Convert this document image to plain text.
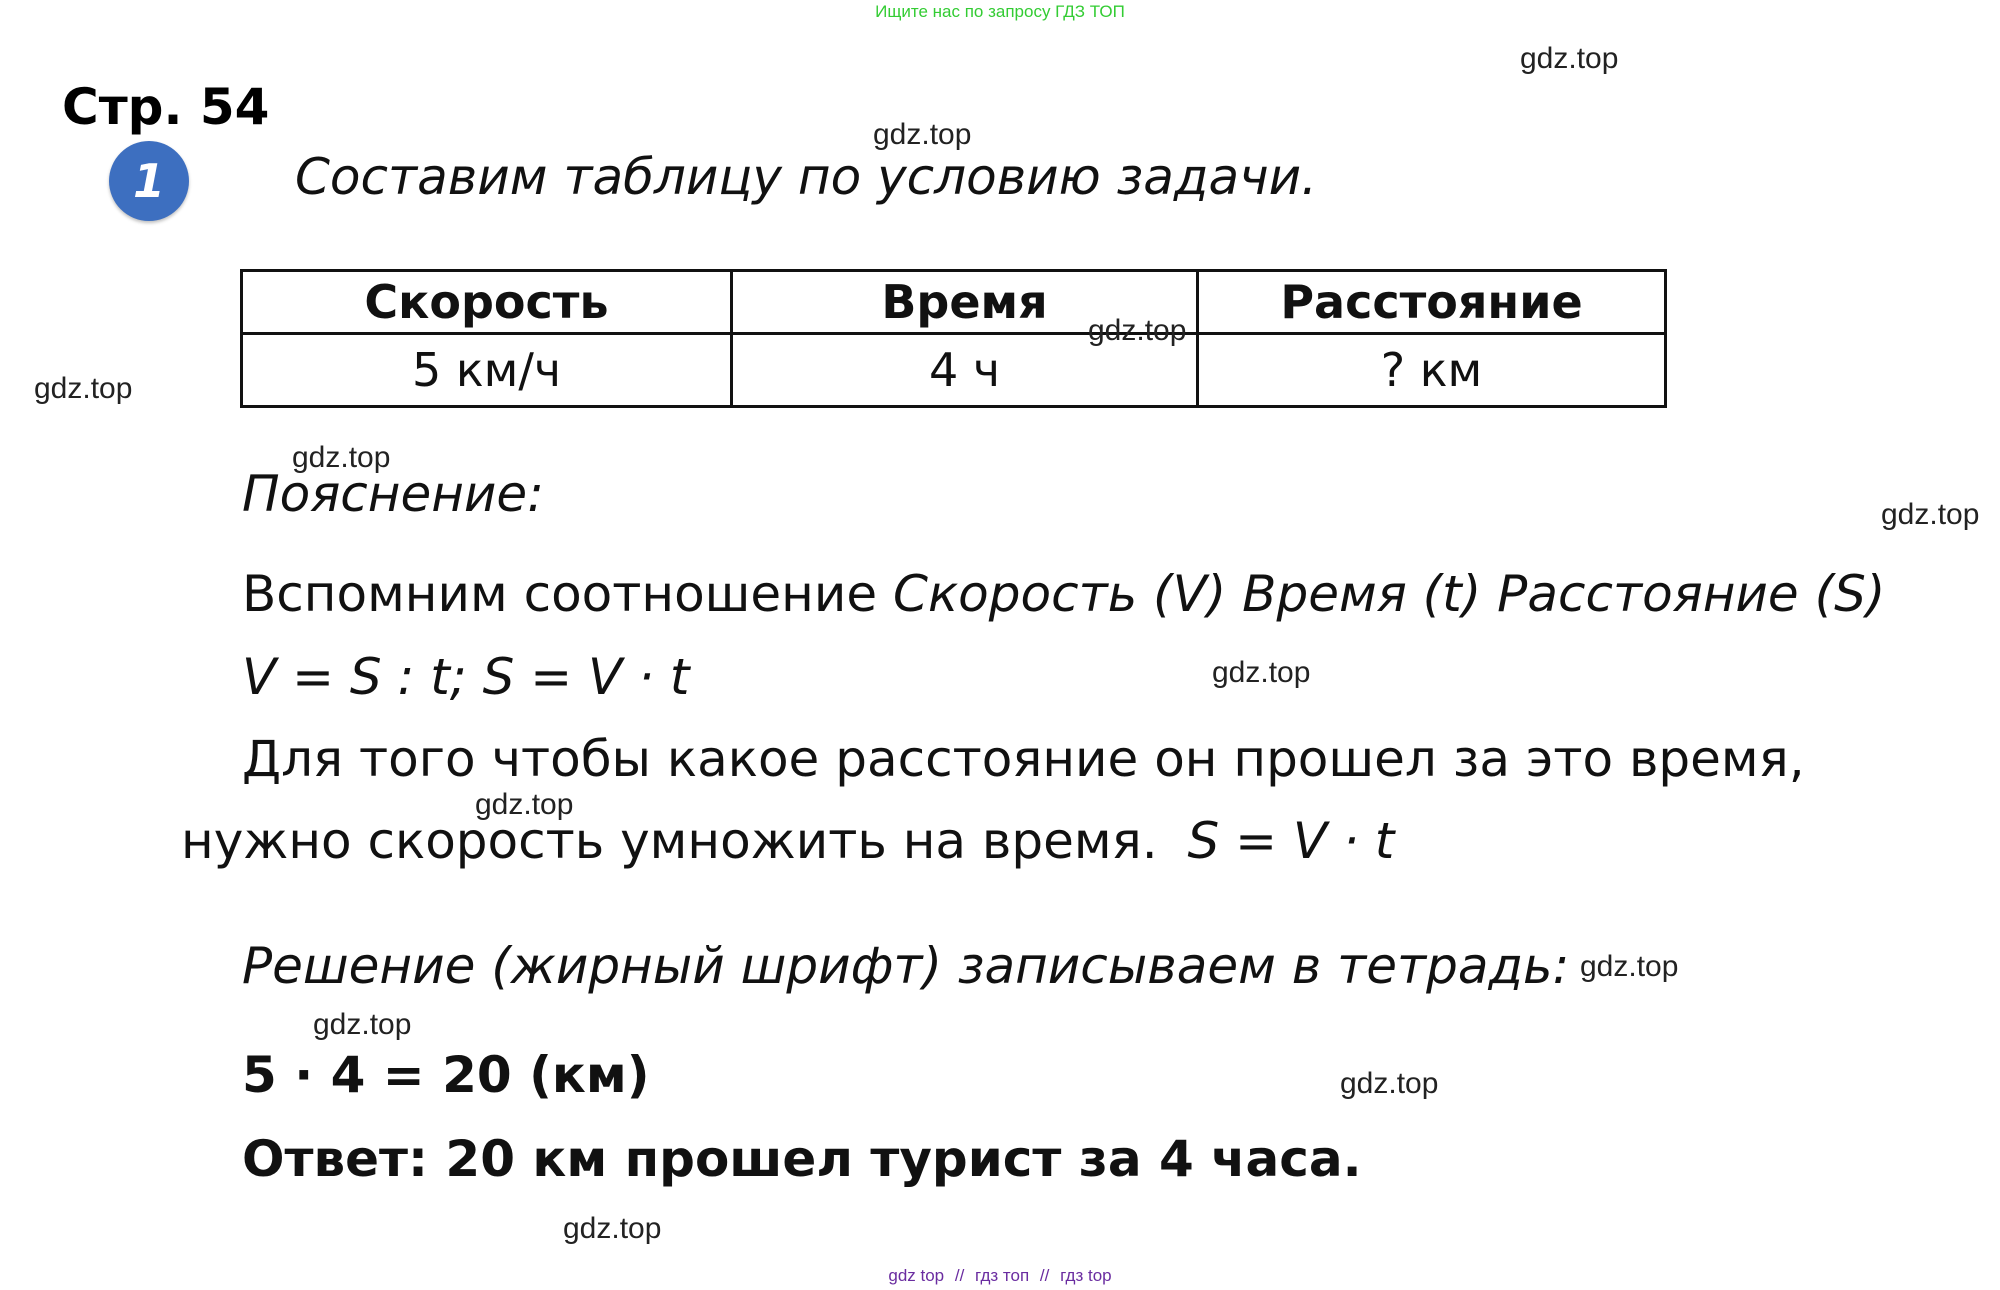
Ищите нас по запросу ГДЗ ТОП
gdz.top
gdz.top
gdz.top
gdz.top
gdz.top
gdz.top
gdz.top
gdz.top
gdz.top
gdz.top
gdz.top
Стр. 54
1	Составим таблицу по условию задачи.
Скорость	Время	Расстояние
5 км/ч	4 ч	? км
gdz.top
Пояснение:
Вспомним соотношение Скорость (V) Время (t) Расстояние (S)
V = S : t; S = V · t
Для того чтобы какое расстояние он прошел за это время,
нужно скорость умножить на время. S = V · t
Решение (жирный шрифт) записываем в тетрадь:
5 · 4 = 20 (км)
Ответ: 20 км прошел турист за 4 часа.
gdz top // гдз топ // гдз top
